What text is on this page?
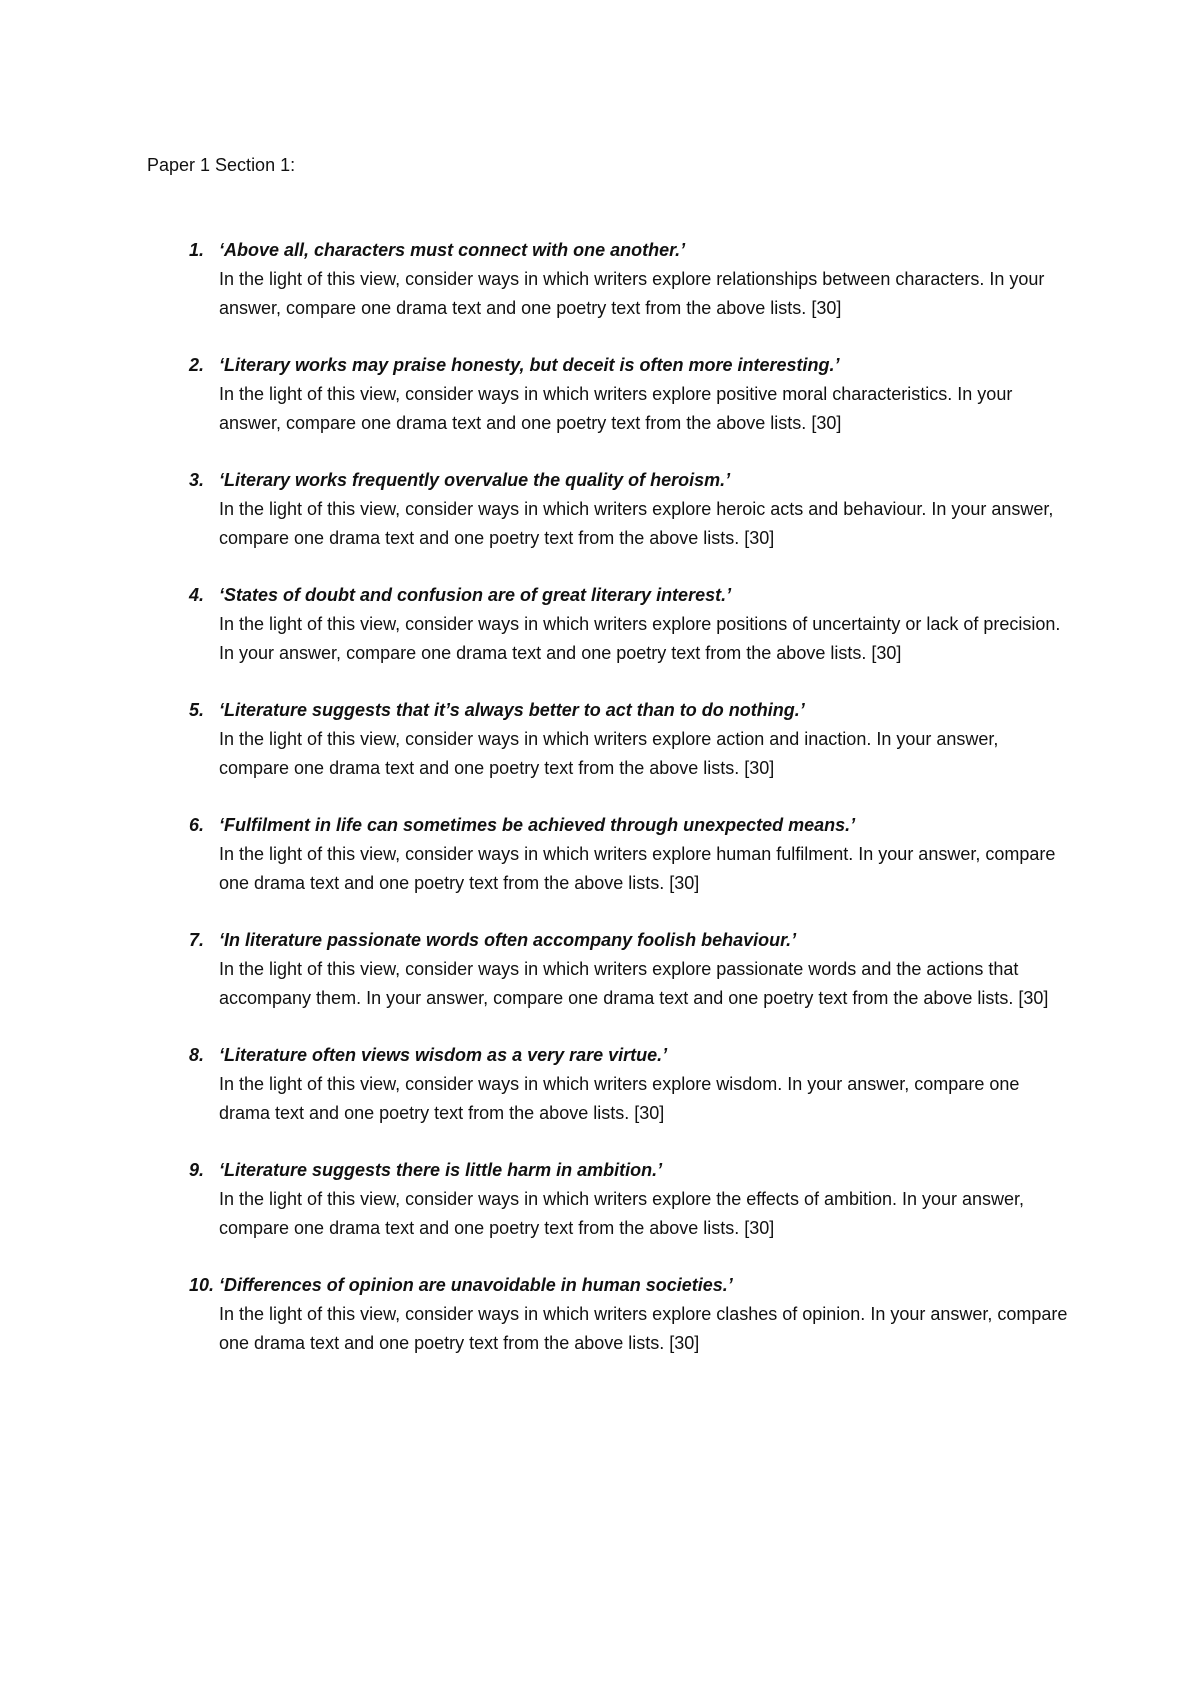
Paper 1 Section 1:
1. ‘Above all, characters must connect with one another.’
In the light of this view, consider ways in which writers explore relationships between characters. In your answer, compare one drama text and one poetry text from the above lists. [30]
2. ‘Literary works may praise honesty, but deceit is often more interesting.’
In the light of this view, consider ways in which writers explore positive moral characteristics. In your answer, compare one drama text and one poetry text from the above lists. [30]
3. ‘Literary works frequently overvalue the quality of heroism.’
In the light of this view, consider ways in which writers explore heroic acts and behaviour. In your answer, compare one drama text and one poetry text from the above lists. [30]
4. ‘States of doubt and confusion are of great literary interest.’
In the light of this view, consider ways in which writers explore positions of uncertainty or lack of precision. In your answer, compare one drama text and one poetry text from the above lists. [30]
5. ‘Literature suggests that it’s always better to act than to do nothing.’
In the light of this view, consider ways in which writers explore action and inaction. In your answer, compare one drama text and one poetry text from the above lists. [30]
6. ‘Fulfilment in life can sometimes be achieved through unexpected means.’
In the light of this view, consider ways in which writers explore human fulfilment. In your answer, compare one drama text and one poetry text from the above lists. [30]
7. ‘In literature passionate words often accompany foolish behaviour.’
In the light of this view, consider ways in which writers explore passionate words and the actions that accompany them. In your answer, compare one drama text and one poetry text from the above lists. [30]
8. ‘Literature often views wisdom as a very rare virtue.’
In the light of this view, consider ways in which writers explore wisdom. In your answer, compare one drama text and one poetry text from the above lists. [30]
9. ‘Literature suggests there is little harm in ambition.’
In the light of this view, consider ways in which writers explore the effects of ambition. In your answer, compare one drama text and one poetry text from the above lists. [30]
10. ‘Differences of opinion are unavoidable in human societies.’
In the light of this view, consider ways in which writers explore clashes of opinion. In your answer, compare one drama text and one poetry text from the above lists. [30]
